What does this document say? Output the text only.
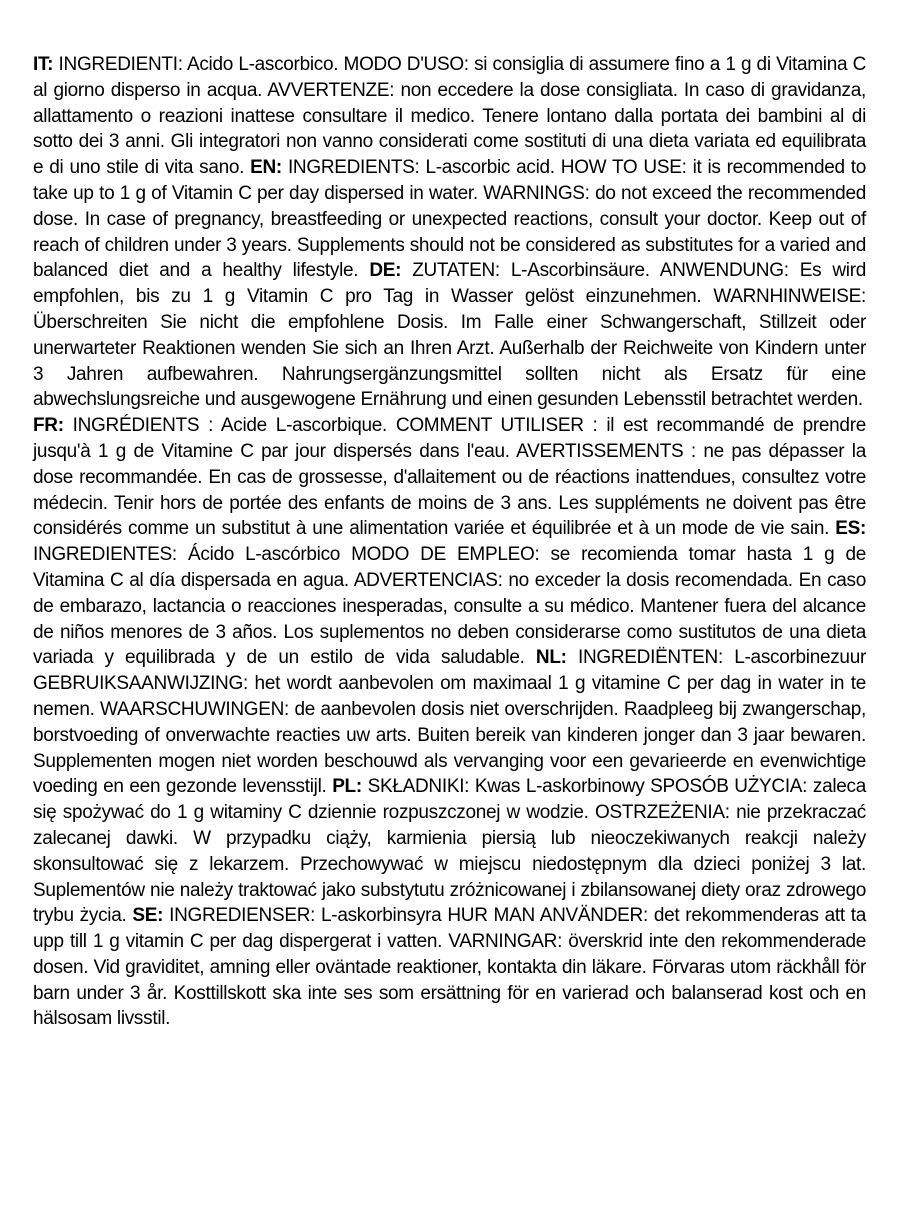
IT: INGREDIENTI: Acido L-ascorbico. MODO D'USO: si consiglia di assumere fino a 1 g di Vitamina C al giorno disperso in acqua. AVVERTENZE: non eccedere la dose consigliata. In caso di gravidanza, allattamento o reazioni inattese consultare il medico. Tenere lontano dalla portata dei bambini al di sotto dei 3 anni. Gli integratori non vanno considerati come sostituti di una dieta variata ed equilibrata e di uno stile di vita sano. EN: INGREDIENTS: L-ascorbic acid. HOW TO USE: it is recommended to take up to 1 g of Vitamin C per day dispersed in water. WARNINGS: do not exceed the recommended dose. In case of pregnancy, breastfeeding or unexpected reactions, consult your doctor. Keep out of reach of children under 3 years. Supplements should not be considered as substitutes for a varied and balanced diet and a healthy lifestyle. DE: ZUTATEN: L-Ascorbinsäure. ANWENDUNG: Es wird empfohlen, bis zu 1 g Vitamin C pro Tag in Wasser gelöst einzunehmen. WARNHINWEISE: Überschreiten Sie nicht die empfohlene Dosis. Im Falle einer Schwangerschaft, Stillzeit oder unerwarteter Reaktionen wenden Sie sich an Ihren Arzt. Außerhalb der Reichweite von Kindern unter 3 Jahren aufbewahren. Nahrungsergänzungsmittel sollten nicht als Ersatz für eine abwechslungsreiche und ausgewogene Ernährung und einen gesunden Lebensstil betrachtet werden.

FR: INGRÉDIENTS : Acide L-ascorbique. COMMENT UTILISER : il est recommandé de prendre jusqu'à 1 g de Vitamine C par jour dispersés dans l'eau. AVERTISSEMENTS : ne pas dépasser la dose recommandée. En cas de grossesse, d'allaitement ou de réactions inattendues, consultez votre médecin. Tenir hors de portée des enfants de moins de 3 ans. Les suppléments ne doivent pas être considérés comme un substitut à une alimentation variée et équilibrée et à un mode de vie sain. ES: INGREDIENTES: Ácido L-ascórbico MODO DE EMPLEO: se recomienda tomar hasta 1 g de Vitamina C al día dispersada en agua. ADVERTENCIAS: no exceder la dosis recomendada. En caso de embarazo, lactancia o reacciones inesperadas, consulte a su médico. Mantener fuera del alcance de niños menores de 3 años. Los suplementos no deben considerarse como sustitutos de una dieta variada y equilibrada y de un estilo de vida saludable. NL: INGREDIËNTEN: L-ascorbinezuur GEBRUIKSAANWIJZING: het wordt aanbevolen om maximaal 1 g vitamine C per dag in water in te nemen. WAARSCHUWINGEN: de aanbevolen dosis niet overschrijden. Raadpleeg bij zwangerschap, borstvoeding of onverwachte reacties uw arts. Buiten bereik van kinderen jonger dan 3 jaar bewaren. Supplementen mogen niet worden beschouwd als vervanging voor een gevarieerde en evenwichtige voeding en een gezonde levensstijl. PL: SKŁADNIKI: Kwas L-askorbinowy SPOSÓB UŻYCIA: zaleca się spożywać do 1 g witaminy C dziennie rozpuszczonej w wodzie. OSTRZEŻENIA: nie przekraczać zalecanej dawki. W przypadku ciąży, karmienia piersią lub nieoczekiwanych reakcji należy skonsultować się z lekarzem. Przechowywać w miejscu niedostępnym dla dzieci poniżej 3 lat. Suplementów nie należy traktować jako substytutu zróżnicowanej i zbilansowanej diety oraz zdrowego trybu życia. SE: INGREDIENSER: L-askorbinsyra HUR MAN ANVÄNDER: det rekommenderas att ta upp till 1 g vitamin C per dag dispergerat i vatten. VARNINGAR: överskrid inte den rekommenderade dosen. Vid graviditet, amning eller oväntade reaktioner, kontakta din läkare. Förvaras utom räckhåll för barn under 3 år. Kosttillskott ska inte ses som ersättning för en varierad och balanserad kost och en hälsosam livsstil.
